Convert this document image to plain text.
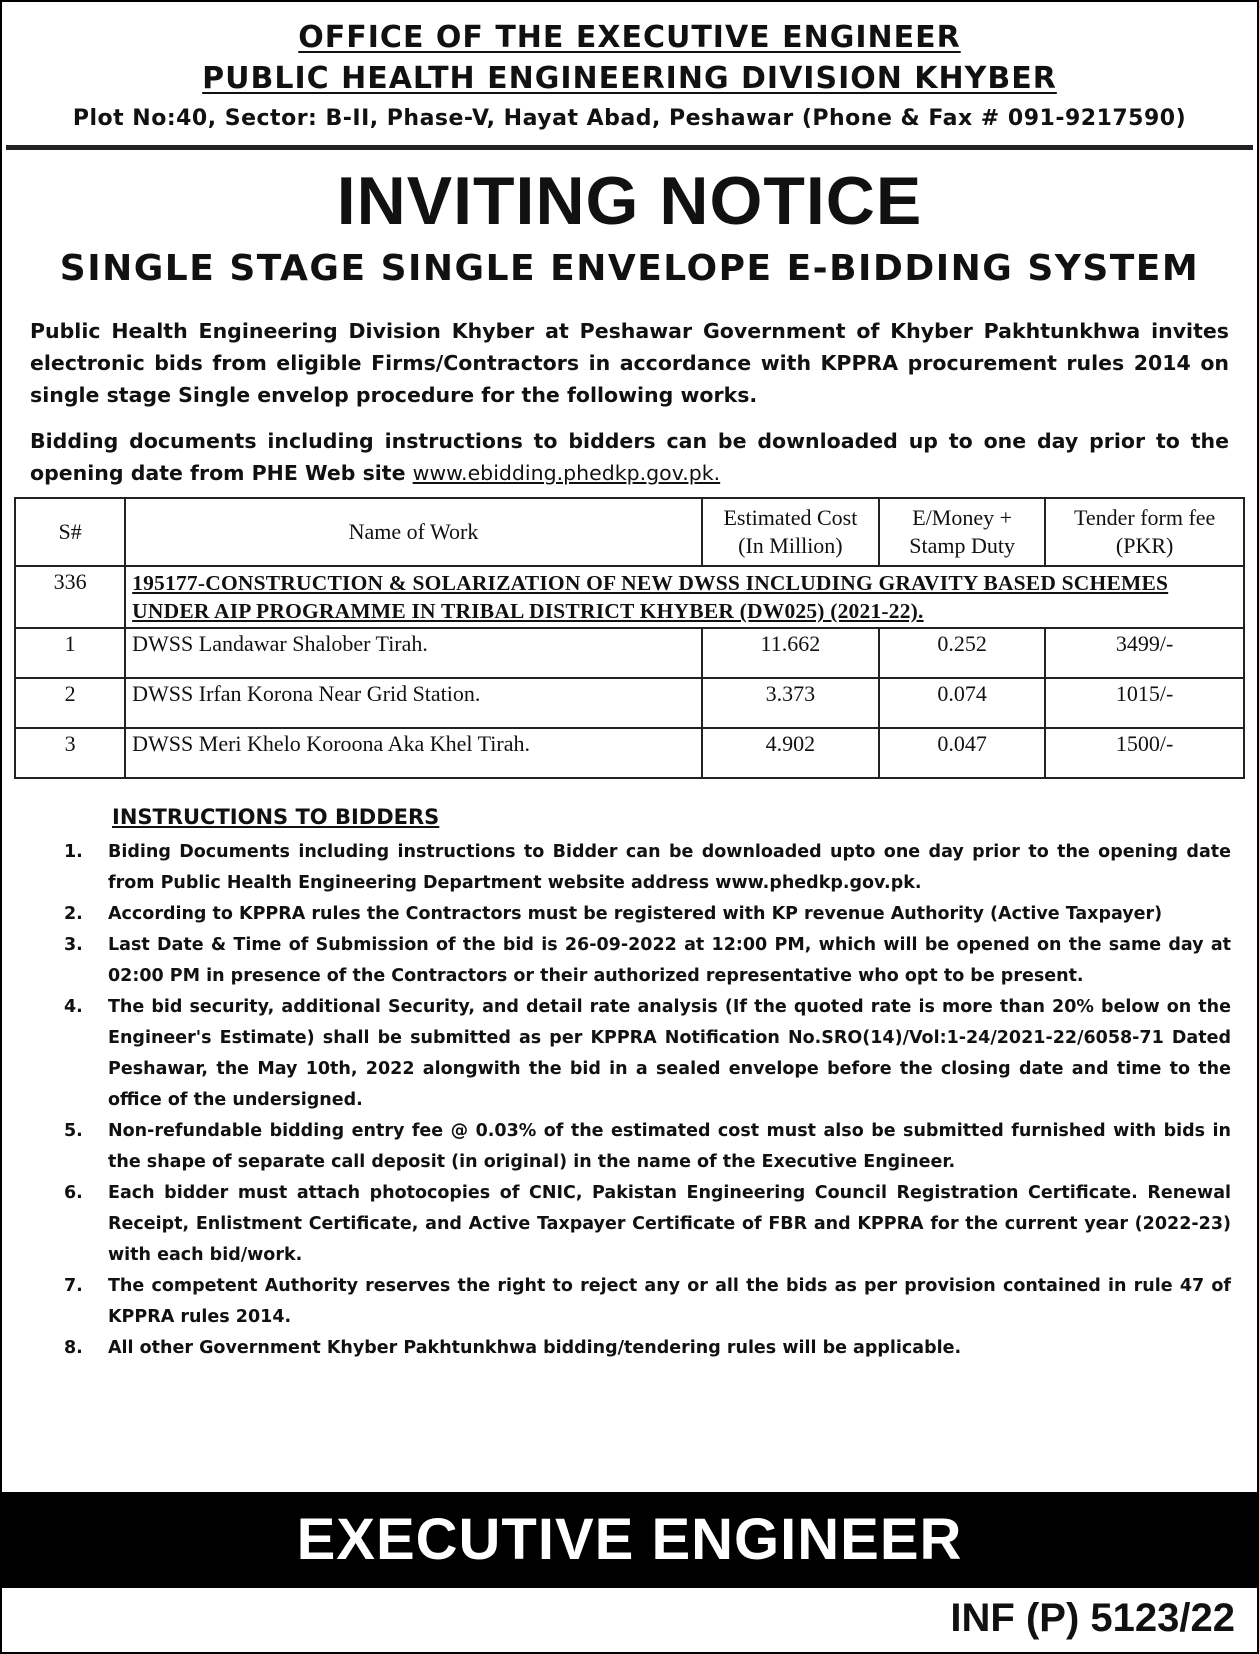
OFFICE OF THE EXECUTIVE ENGINEER
PUBLIC HEALTH ENGINEERING DIVISION KHYBER
Plot No:40, Sector: B-II, Phase-V, Hayat Abad, Peshawar (Phone & Fax # 091-9217590)
INVITING NOTICE
SINGLE STAGE SINGLE ENVELOPE E-BIDDING SYSTEM
Public Health Engineering Division Khyber at Peshawar Government of Khyber Pakhtunkhwa invites electronic bids from eligible Firms/Contractors in accordance with KPPRA procurement rules 2014 on single stage Single envelop procedure for the following works.
Bidding documents including instructions to bidders can be downloaded up to one day prior to the opening date from PHE Web site www.ebidding.phedkp.gov.pk.
S#	Name of Work	Estimated Cost (In Million)	E/Money + Stamp Duty	Tender form fee (PKR)
336	195177-CONSTRUCTION & SOLARIZATION OF NEW DWSS INCLUDING GRAVITY BASED SCHEMES UNDER AIP PROGRAMME IN TRIBAL DISTRICT KHYBER (DW025) (2021-22).			
1	DWSS Landawar Shalober Tirah.	11.662	0.252	3499/-
2	DWSS Irfan Korona Near Grid Station.	3.373	0.074	1015/-
3	DWSS Meri Khelo Koroona Aka Khel Tirah.	4.902	0.047	1500/-
INSTRUCTIONS TO BIDDERS
1.	Biding Documents including instructions to Bidder can be downloaded upto one day prior to the opening date from Public Health Engineering Department website address www.phedkp.gov.pk.
2.	According to KPPRA rules the Contractors must be registered with KP revenue Authority (Active Taxpayer)
3.	Last Date & Time of Submission of the bid is 26-09-2022 at 12:00 PM, which will be opened on the same day at 02:00 PM in presence of the Contractors or their authorized representative who opt to be present.
4.	The bid security, additional Security, and detail rate analysis (If the quoted rate is more than 20% below on the Engineer's Estimate) shall be submitted as per KPPRA Notification No.SRO(14)/Vol:1-24/2021-22/6058-71 Dated Peshawar, the May 10th, 2022 alongwith the bid in a sealed envelope before the closing date and time to the office of the undersigned.
5.	Non-refundable bidding entry fee @ 0.03% of the estimated cost must also be submitted furnished with bids in the shape of separate call deposit (in original) in the name of the Executive Engineer.
6.	Each bidder must attach photocopies of CNIC, Pakistan Engineering Council Registration Certificate. Renewal Receipt, Enlistment Certificate, and Active Taxpayer Certificate of FBR and KPPRA for the current year (2022-23) with each bid/work.
7.	The competent Authority reserves the right to reject any or all the bids as per provision contained in rule 47 of KPPRA rules 2014.
8.	All other Government Khyber Pakhtunkhwa bidding/tendering rules will be applicable.
EXECUTIVE ENGINEER
INF (P) 5123/22
